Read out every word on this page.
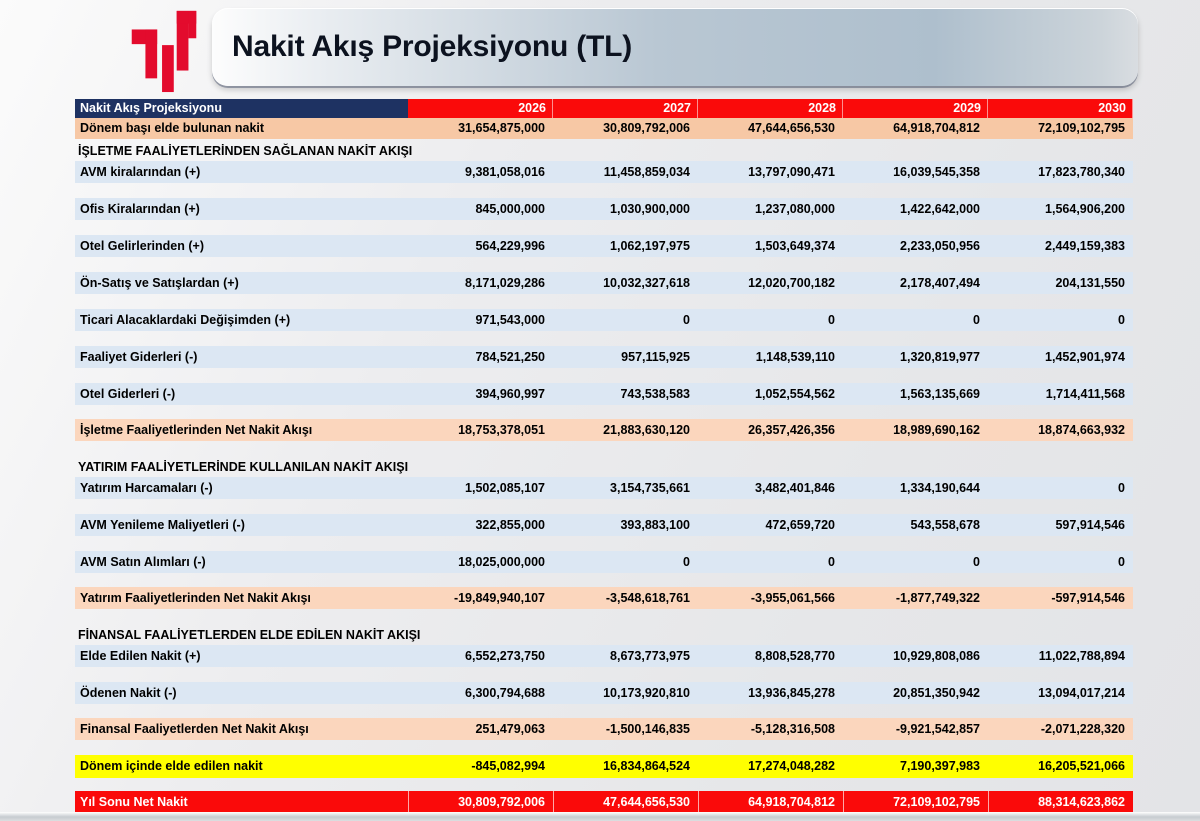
Nakit Akış Projeksiyonu (TL)
Nakit Akış Projeksiyonu	2026	2027	2028	2029	2030
Dönem başı elde bulunan nakit	31,654,875,000	30,809,792,006	47,644,656,530	64,918,704,812	72,109,102,795
İŞLETME FAALİYETLERİNDEN SAĞLANAN NAKİT AKIŞI
AVM kiralarından (+)	9,381,058,016	11,458,859,034	13,797,090,471	16,039,545,358	17,823,780,340
Ofis Kiralarından (+)	845,000,000	1,030,900,000	1,237,080,000	1,422,642,000	1,564,906,200
Otel Gelirlerinden (+)	564,229,996	1,062,197,975	1,503,649,374	2,233,050,956	2,449,159,383
Ön-Satış ve Satışlardan (+)	8,171,029,286	10,032,327,618	12,020,700,182	2,178,407,494	204,131,550
Ticari Alacaklardaki Değişimden (+)	971,543,000	0	0	0	0
Faaliyet Giderleri (-)	784,521,250	957,115,925	1,148,539,110	1,320,819,977	1,452,901,974
Otel Giderleri (-)	394,960,997	743,538,583	1,052,554,562	1,563,135,669	1,714,411,568
İşletme Faaliyetlerinden Net Nakit Akışı	18,753,378,051	21,883,630,120	26,357,426,356	18,989,690,162	18,874,663,932
YATIRIM FAALİYETLERİNDE KULLANILAN NAKİT AKIŞI
Yatırım Harcamaları (-)	1,502,085,107	3,154,735,661	3,482,401,846	1,334,190,644	0
AVM Yenileme Maliyetleri (-)	322,855,000	393,883,100	472,659,720	543,558,678	597,914,546
AVM Satın Alımları (-)	18,025,000,000	0	0	0	0
Yatırım Faaliyetlerinden Net Nakit Akışı	-19,849,940,107	-3,548,618,761	-3,955,061,566	-1,877,749,322	-597,914,546
FİNANSAL FAALİYETLERDEN ELDE EDİLEN NAKİT AKIŞI
Elde Edilen Nakit (+)	6,552,273,750	8,673,773,975	8,808,528,770	10,929,808,086	11,022,788,894
Ödenen Nakit (-)	6,300,794,688	10,173,920,810	13,936,845,278	20,851,350,942	13,094,017,214
Finansal Faaliyetlerden Net Nakit Akışı	251,479,063	-1,500,146,835	-5,128,316,508	-9,921,542,857	-2,071,228,320
Dönem içinde elde edilen nakit	-845,082,994	16,834,864,524	17,274,048,282	7,190,397,983	16,205,521,066
Yıl Sonu Net Nakit	30,809,792,006	47,644,656,530	64,918,704,812	72,109,102,795	88,314,623,862
